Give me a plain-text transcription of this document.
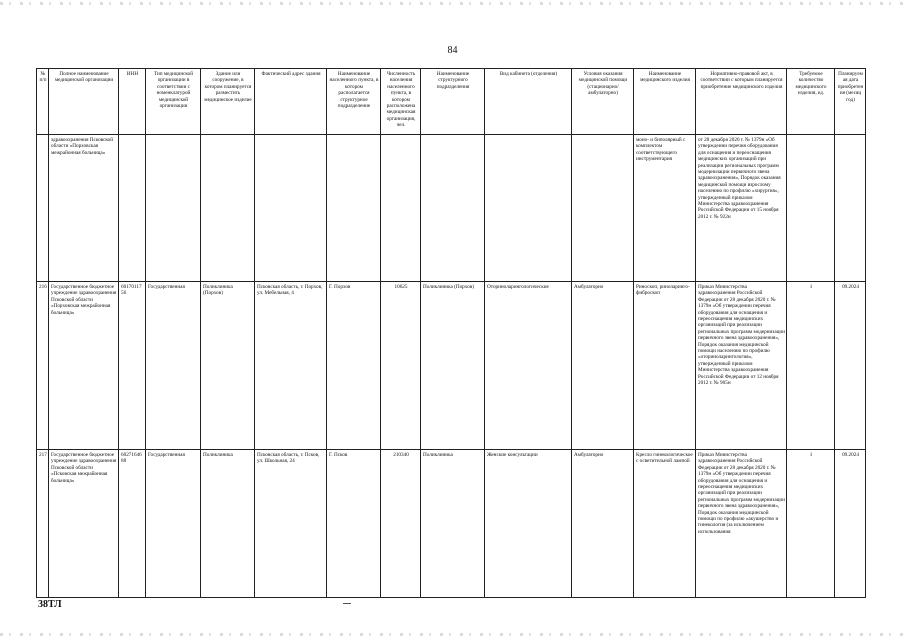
84
№ п/п	Полное наименование медицинской организации	ИНН	Тип медицинской организации в соответствии с номенклатурой медицинской организации	Здание или сооружение, в котором планируется разместить медицинское изделие	Фактический адрес здания	Наименование населенного пункта, в котором располагается структурное подразделение	Численность населения населенного пункта, в котором расположена медицинская организация, чел.	Наименование структурного подразделения	Вид кабинета (отделения)	Условия оказания медицинской помощи (стационарно/ амбулаторно)	Наименование медицинского изделия	Нормативно-правовой акт, в соответствии с которым планируется приобретение медицинского изделия	Требуемое количество медицинского изделия, ед.	Планируемая дата приобретения (месяц год)
	здравоохранения Псковской области «Порховская межрайонная больница»										моно- и биполярный с комплектом соответствующего инструментария	от 28 декабря 2020 г. № 1379н «Об утверждении перечня оборудования для оснащения и переоснащения медицинских организаций при реализации региональных программ модернизации первичного звена здравоохранения», Порядок оказания медицинской помощи взрослому населению по профилю «хирургия», утвержденный приказом Министерства здравоохранения Российской Федерации от 15 ноября 2012 г. № 922н		
216	Государственное бюджетное учреждение здравоохранения Псковской области «Порховская межрайонная больница»	6017011756	Государственная	Поликлиника (Порхов)	Псковская область, г. Порхов, ул. Мебельная, 4	Г. Порхов	10625	Поликлиника (Порхов)	Оториноларингологические	Амбулаторно	Риноскоп, риноларинго-фиброскоп	Приказ Министерства здравоохранения Российской Федерации от 28 декабря 2020 г. № 1379н «Об утверждении перечня оборудования для оснащения и переоснащения медицинских организаций при реализации региональных программ модернизации первичного звена здравоохранения», Порядок оказания медицинской помощи населению по профилю «оториноларингология», утвержденный приказом Министерства здравоохранения Российской Федерации от 12 ноября 2012 г. № 905н	1	09.2024
217	Государственное бюджетное учреждение здравоохранения Псковской области «Псковская межрайонная больница»	6027164688	Государственная	Поликлиника	Псковская область, г. Псков, ул. Школьная, 24	Г. Псков	210340	Поликлиника	Женские консультации	Амбулаторно	Кресло гинекологическое с осветительной лампой	Приказ Министерства здравоохранения Российской Федерации от 28 декабря 2020 г. № 1379н «Об утверждении перечня оборудования для оснащения и переоснащения медицинских организаций при реализации региональных программ модернизации первичного звена здравоохранения», Порядок оказания медицинской помощи по профилю «акушерство и гинекология (за исключением использования	1	09.2024
38ТЛ
